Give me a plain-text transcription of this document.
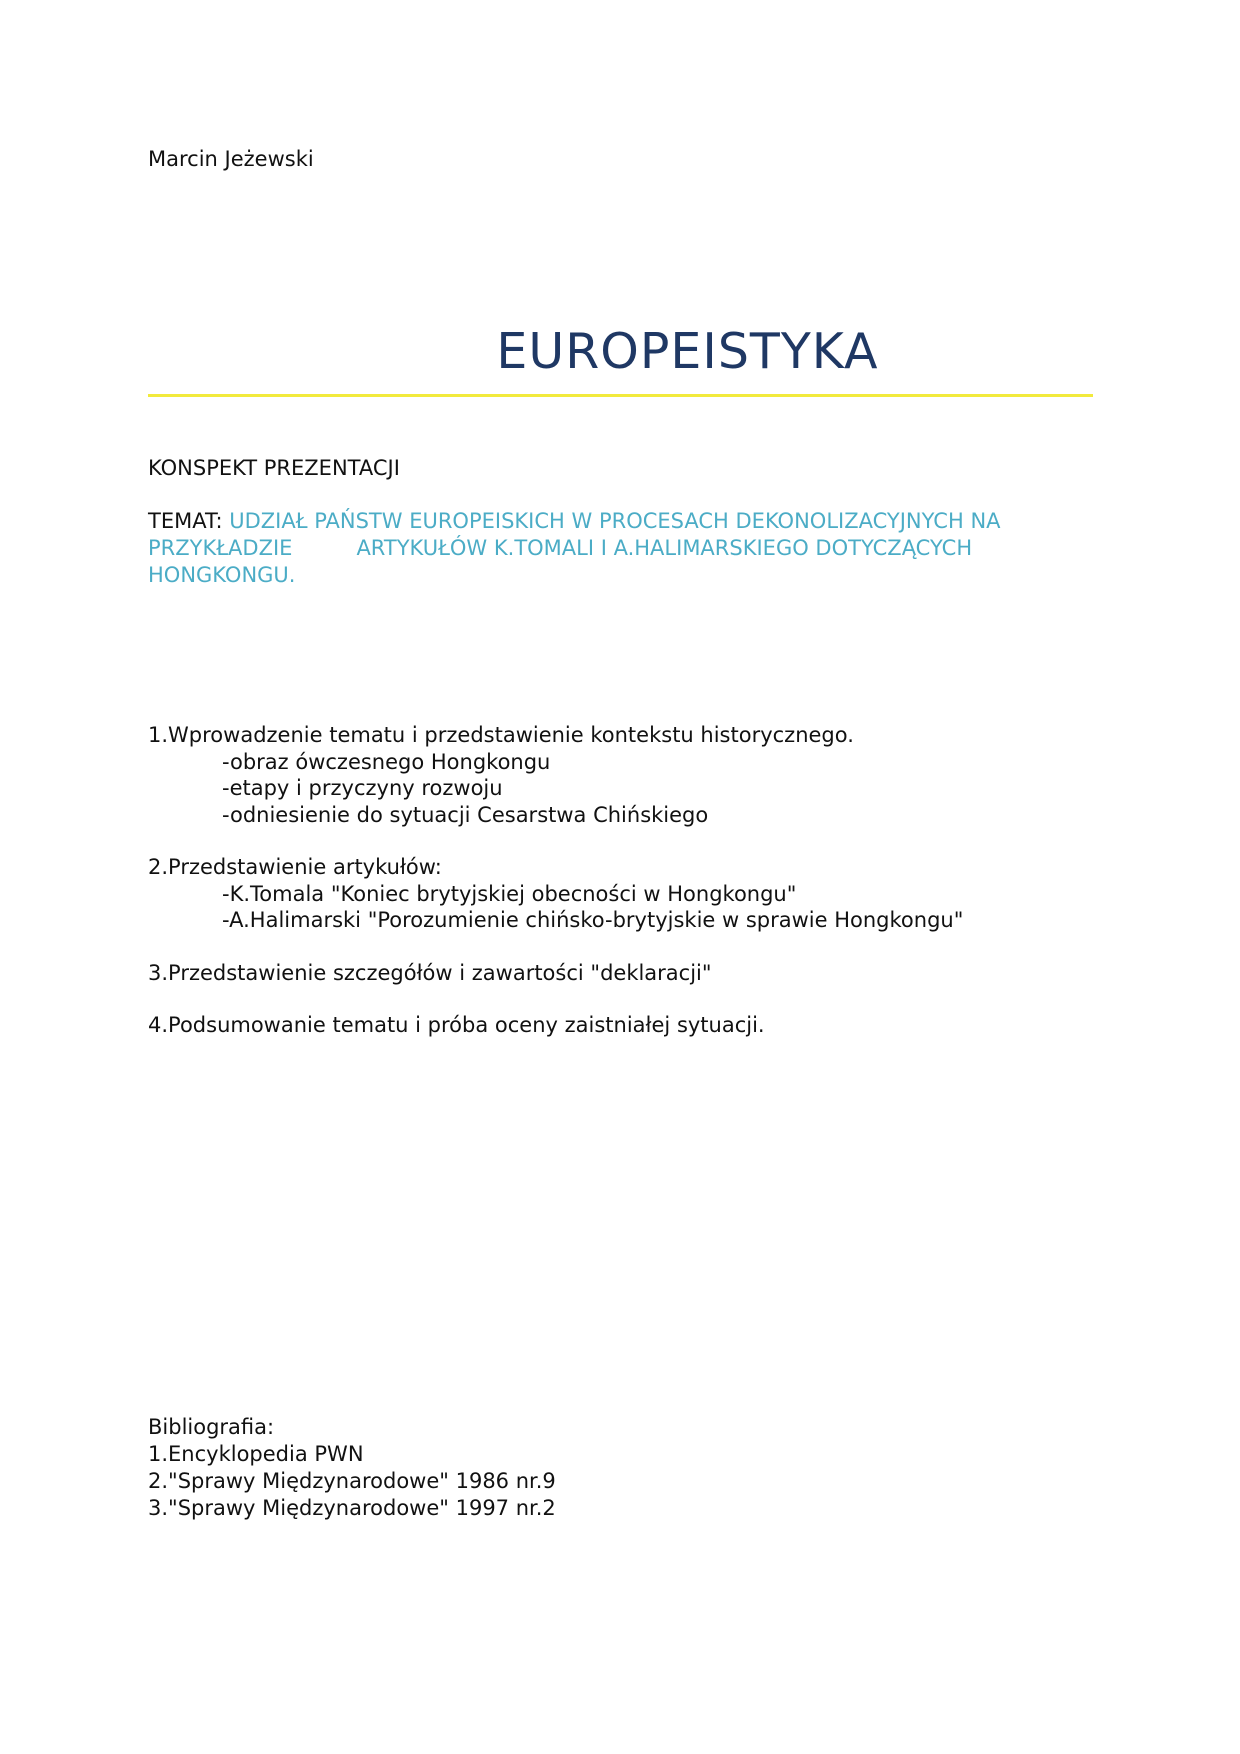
Marcin Jeżewski
EUROPEISTYKA
KONSPEKT PREZENTACJI
TEMAT: UDZIAŁ PAŃSTW EUROPEISKICH W PROCESACH DEKONOLIZACYJNYCH NA
PRZYKŁADZIE	ARTYKUŁÓW K.TOMALI I A.HALIMARSKIEGO DOTYCZĄCYCH
HONGKONGU.
1.Wprowadzenie tematu i przedstawienie kontekstu historycznego.
-obraz ówczesnego Hongkongu
-etapy i przyczyny rozwoju
-odniesienie do sytuacji Cesarstwa Chińskiego
2.Przedstawienie artykułów:
-K.Tomala "Koniec brytyjskiej obecności w Hongkongu"
-A.Halimarski "Porozumienie chińsko-brytyjskie w sprawie Hongkongu"
3.Przedstawienie szczegółów i zawartości "deklaracji"
4.Podsumowanie tematu i próba oceny zaistniałej sytuacji.
Bibliografia:
1.Encyklopedia PWN
2."Sprawy Międzynarodowe" 1986 nr.9
3."Sprawy Międzynarodowe" 1997 nr.2
